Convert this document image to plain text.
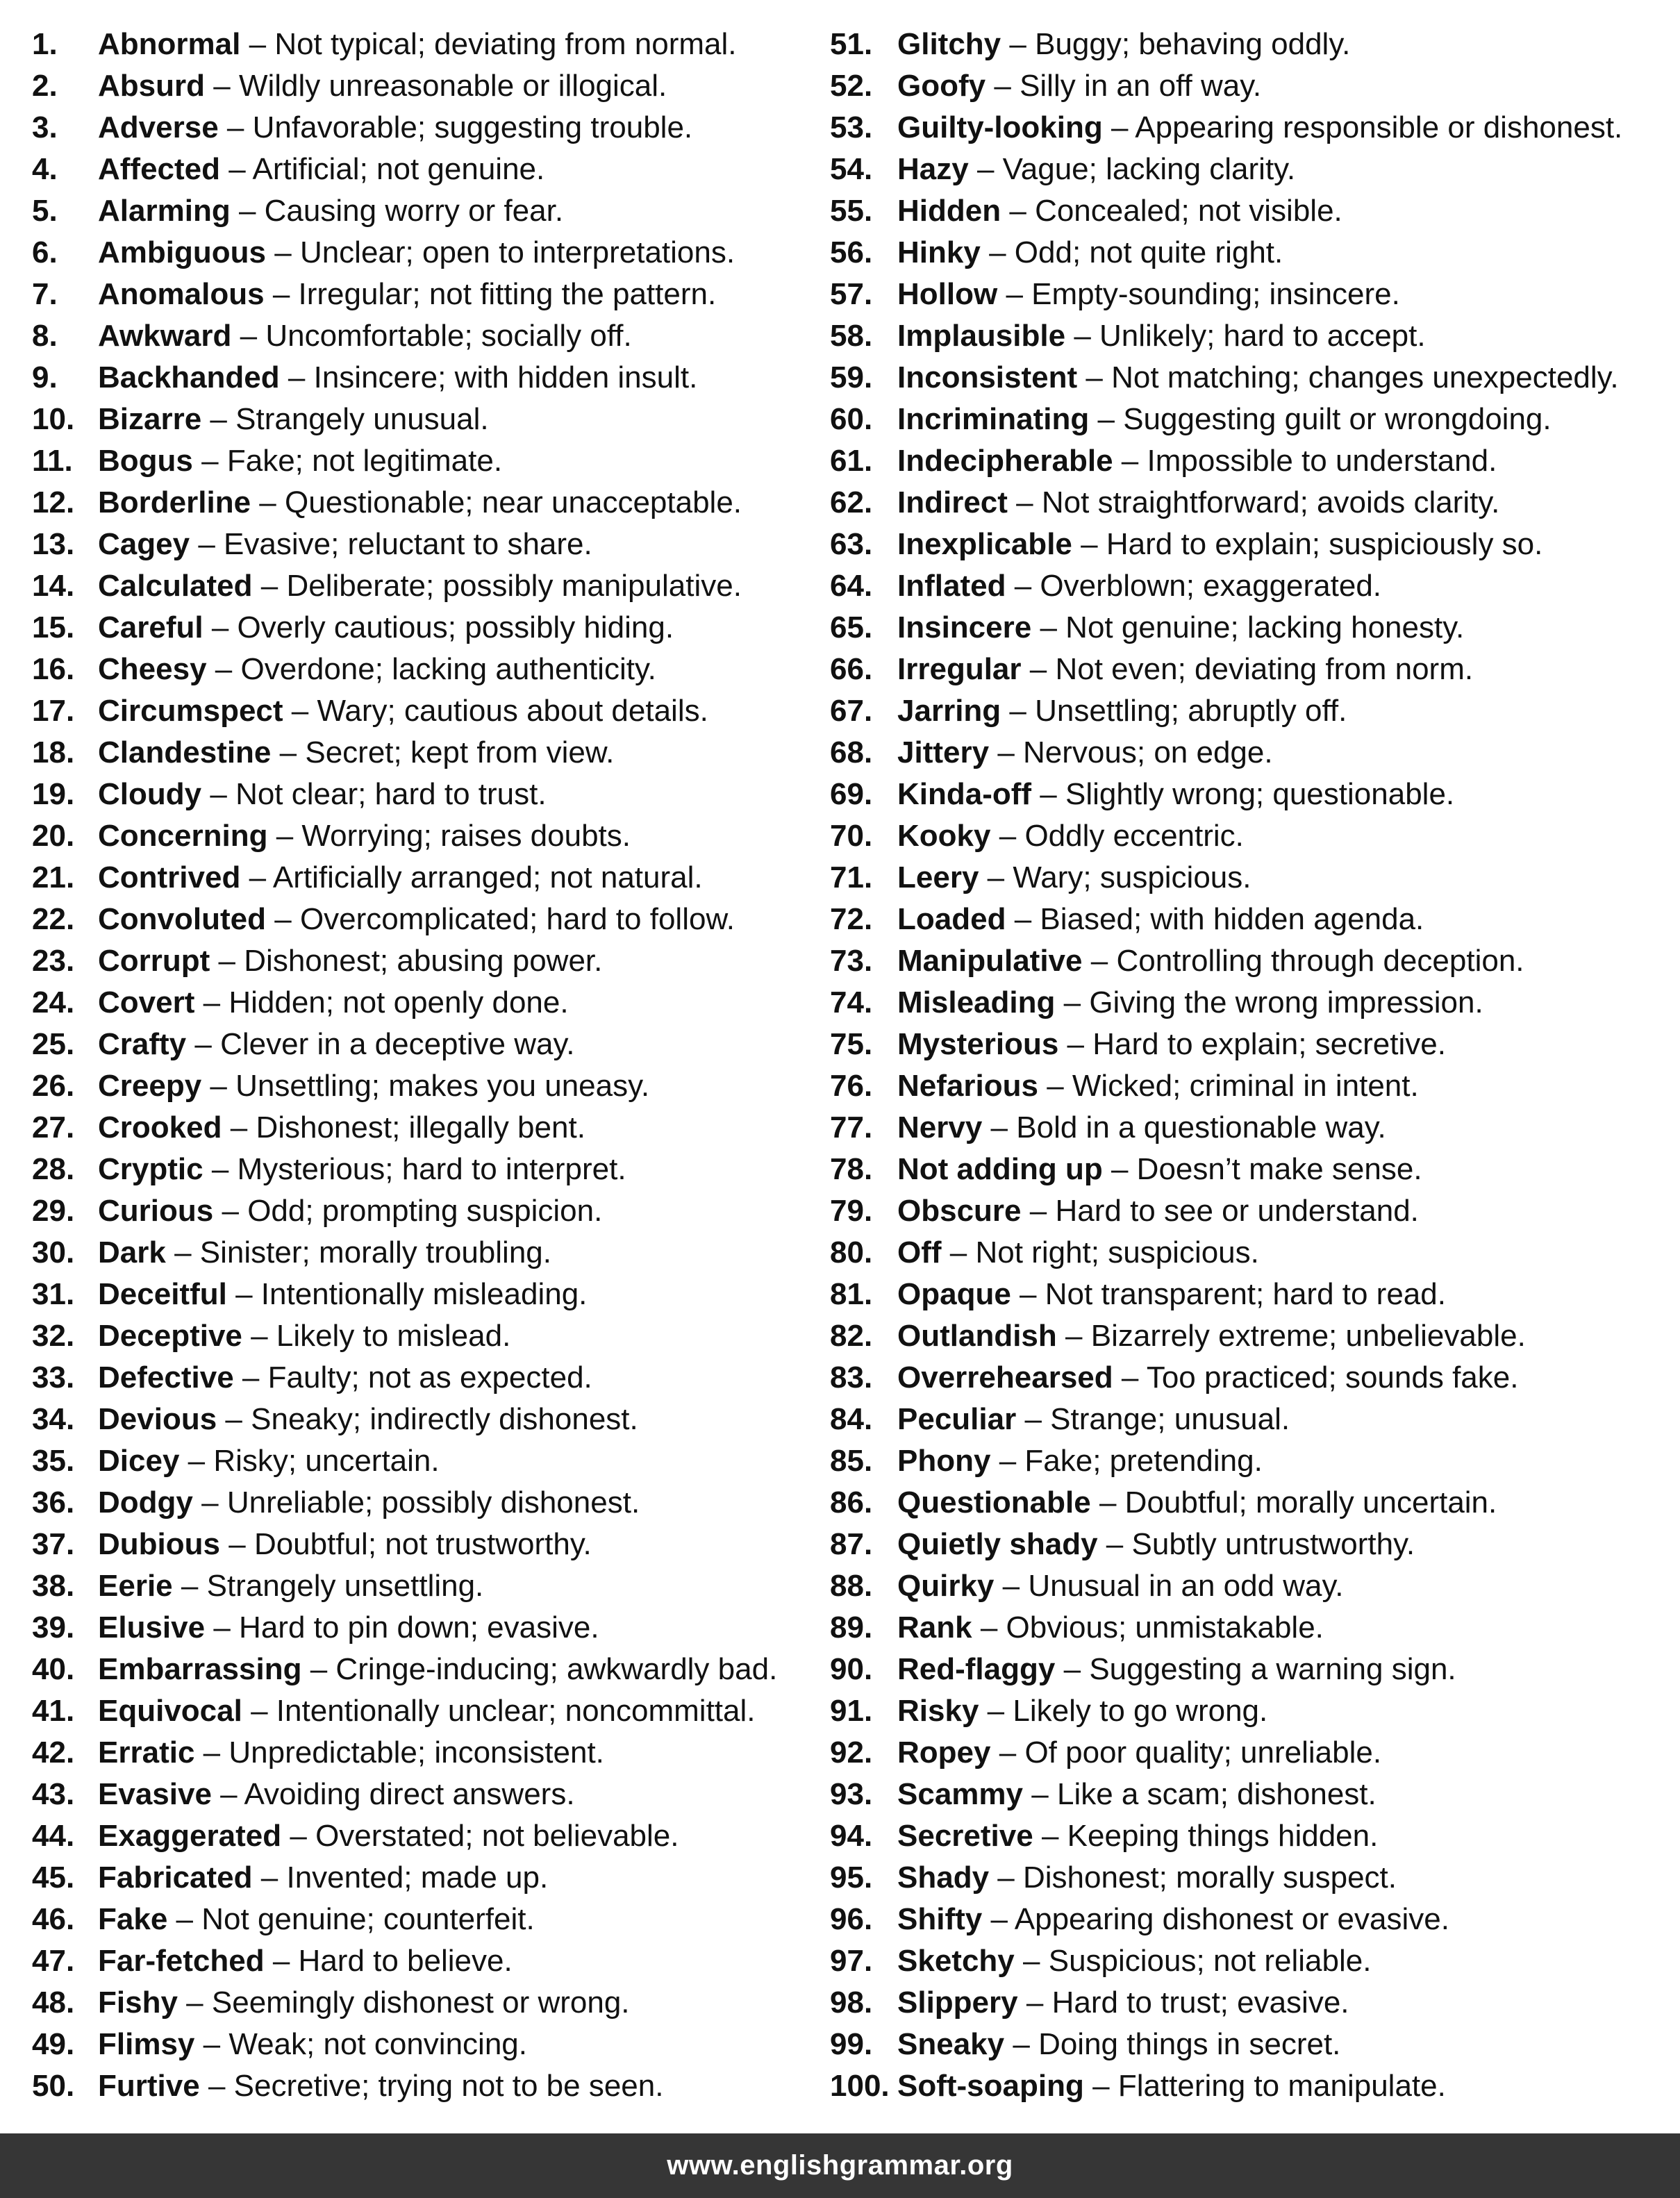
1. Abnormal – Not typical; deviating from normal.
2. Absurd – Wildly unreasonable or illogical.
3. Adverse – Unfavorable; suggesting trouble.
4. Affected – Artificial; not genuine.
5. Alarming – Causing worry or fear.
6. Ambiguous – Unclear; open to interpretations.
7. Anomalous – Irregular; not fitting the pattern.
8. Awkward – Uncomfortable; socially off.
9. Backhanded – Insincere; with hidden insult.
10. Bizarre – Strangely unusual.
11. Bogus – Fake; not legitimate.
12. Borderline – Questionable; near unacceptable.
13. Cagey – Evasive; reluctant to share.
14. Calculated – Deliberate; possibly manipulative.
15. Careful – Overly cautious; possibly hiding.
16. Cheesy – Overdone; lacking authenticity.
17. Circumspect – Wary; cautious about details.
18. Clandestine – Secret; kept from view.
19. Cloudy – Not clear; hard to trust.
20. Concerning – Worrying; raises doubts.
21. Contrived – Artificially arranged; not natural.
22. Convoluted – Overcomplicated; hard to follow.
23. Corrupt – Dishonest; abusing power.
24. Covert – Hidden; not openly done.
25. Crafty – Clever in a deceptive way.
26. Creepy – Unsettling; makes you uneasy.
27. Crooked – Dishonest; illegally bent.
28. Cryptic – Mysterious; hard to interpret.
29. Curious – Odd; prompting suspicion.
30. Dark – Sinister; morally troubling.
31. Deceitful – Intentionally misleading.
32. Deceptive – Likely to mislead.
33. Defective – Faulty; not as expected.
34. Devious – Sneaky; indirectly dishonest.
35. Dicey – Risky; uncertain.
36. Dodgy – Unreliable; possibly dishonest.
37. Dubious – Doubtful; not trustworthy.
38. Eerie – Strangely unsettling.
39. Elusive – Hard to pin down; evasive.
40. Embarrassing – Cringe-inducing; awkwardly bad.
41. Equivocal – Intentionally unclear; noncommittal.
42. Erratic – Unpredictable; inconsistent.
43. Evasive – Avoiding direct answers.
44. Exaggerated – Overstated; not believable.
45. Fabricated – Invented; made up.
46. Fake – Not genuine; counterfeit.
47. Far-fetched – Hard to believe.
48. Fishy – Seemingly dishonest or wrong.
49. Flimsy – Weak; not convincing.
50. Furtive – Secretive; trying not to be seen.
51. Glitchy – Buggy; behaving oddly.
52. Goofy – Silly in an off way.
53. Guilty-looking – Appearing responsible or dishonest.
54. Hazy – Vague; lacking clarity.
55. Hidden – Concealed; not visible.
56. Hinky – Odd; not quite right.
57. Hollow – Empty-sounding; insincere.
58. Implausible – Unlikely; hard to accept.
59. Inconsistent – Not matching; changes unexpectedly.
60. Incriminating – Suggesting guilt or wrongdoing.
61. Indecipherable – Impossible to understand.
62. Indirect – Not straightforward; avoids clarity.
63. Inexplicable – Hard to explain; suspiciously so.
64. Inflated – Overblown; exaggerated.
65. Insincere – Not genuine; lacking honesty.
66. Irregular – Not even; deviating from norm.
67. Jarring – Unsettling; abruptly off.
68. Jittery – Nervous; on edge.
69. Kinda-off – Slightly wrong; questionable.
70. Kooky – Oddly eccentric.
71. Leery – Wary; suspicious.
72. Loaded – Biased; with hidden agenda.
73. Manipulative – Controlling through deception.
74. Misleading – Giving the wrong impression.
75. Mysterious – Hard to explain; secretive.
76. Nefarious – Wicked; criminal in intent.
77. Nervy – Bold in a questionable way.
78. Not adding up – Doesn’t make sense.
79. Obscure – Hard to see or understand.
80. Off – Not right; suspicious.
81. Opaque – Not transparent; hard to read.
82. Outlandish – Bizarrely extreme; unbelievable.
83. Overrehearsed – Too practiced; sounds fake.
84. Peculiar – Strange; unusual.
85. Phony – Fake; pretending.
86. Questionable – Doubtful; morally uncertain.
87. Quietly shady – Subtly untrustworthy.
88. Quirky – Unusual in an odd way.
89. Rank – Obvious; unmistakable.
90. Red-flaggy – Suggesting a warning sign.
91. Risky – Likely to go wrong.
92. Ropey – Of poor quality; unreliable.
93. Scammy – Like a scam; dishonest.
94. Secretive – Keeping things hidden.
95. Shady – Dishonest; morally suspect.
96. Shifty – Appearing dishonest or evasive.
97. Sketchy – Suspicious; not reliable.
98. Slippery – Hard to trust; evasive.
99. Sneaky – Doing things in secret.
100. Soft-soaping – Flattering to manipulate.
www.englishgrammar.org
